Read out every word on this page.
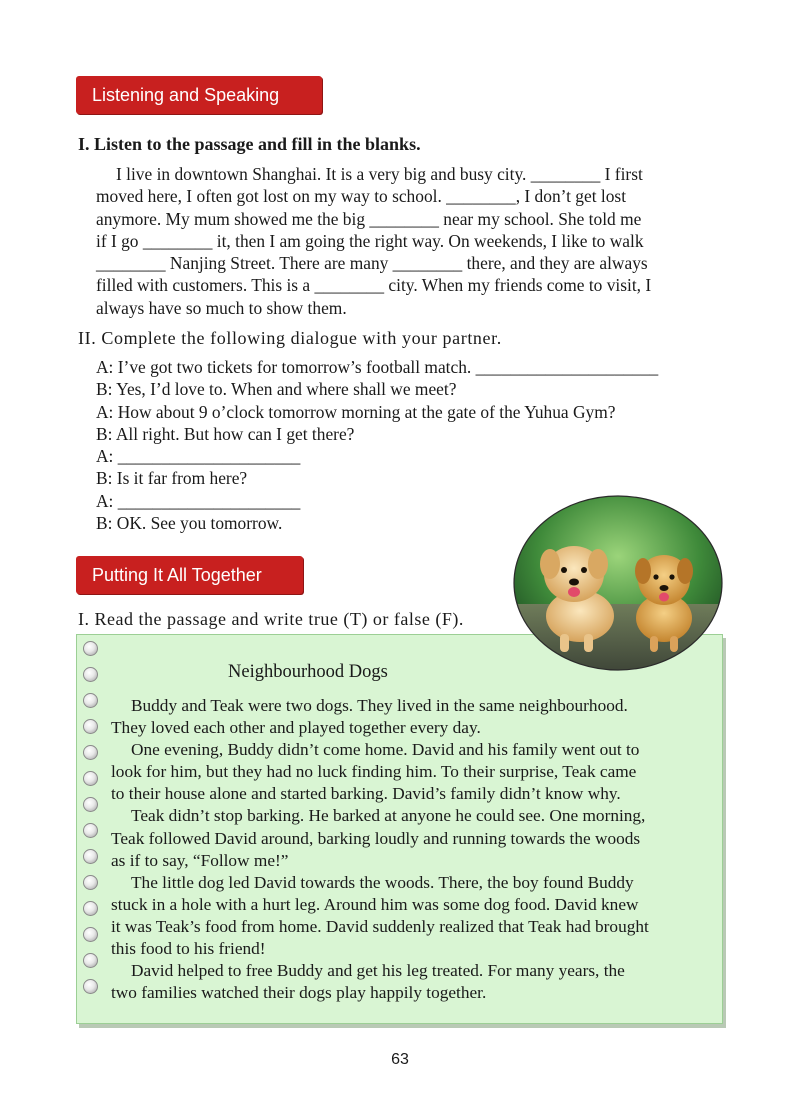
Listening and Speaking
I. Listen to the passage and fill in the blanks.

I live in downtown Shanghai. It is a very big and busy city. ________ I first

moved here, I often got lost on my way to school. ________, I don’t get lost

anymore. My mum showed me the big ________ near my school. She told me

if I go ________ it, then I am going the right way. On weekends, I like to walk

________ Nanjing Street. There are many ________ there, and they are always

filled with customers. This is a ________ city. When my friends come to visit, I

always have so much to show them.

II. Complete the following dialogue with your partner.
A: I’ve got two tickets for tomorrow’s football match. _____________________
B: Yes, I’d love to. When and where shall we meet?
A: How about 9 o’clock tomorrow morning at the gate of the Yuhua Gym?
B: All right. But how can I get there?
A: _____________________
B: Is it far from here?
A: _____________________
B: OK. See you tomorrow.
Putting It All Together
I. Read the passage and write true (T) or false (F).
Neighbourhood Dogs

Buddy and Teak were two dogs. They lived in the same neighbourhood.

They loved each other and played together every day.

One evening, Buddy didn’t come home. David and his family went out to

look for him, but they had no luck finding him. To their surprise, Teak came

to their house alone and started barking. David’s family didn’t know why.

Teak didn’t stop barking. He barked at anyone he could see. One morning,

Teak followed David around, barking loudly and running towards the woods

as if to say, “Follow me!”

The little dog led David towards the woods. There, the boy found Buddy

stuck in a hole with a hurt leg. Around him was some dog food. David knew

it was Teak’s food from home. David suddenly realized that Teak had brought

this food to his friend!

David helped to free Buddy and get his leg treated. For many years, the

two families watched their dogs play happily together.

63
